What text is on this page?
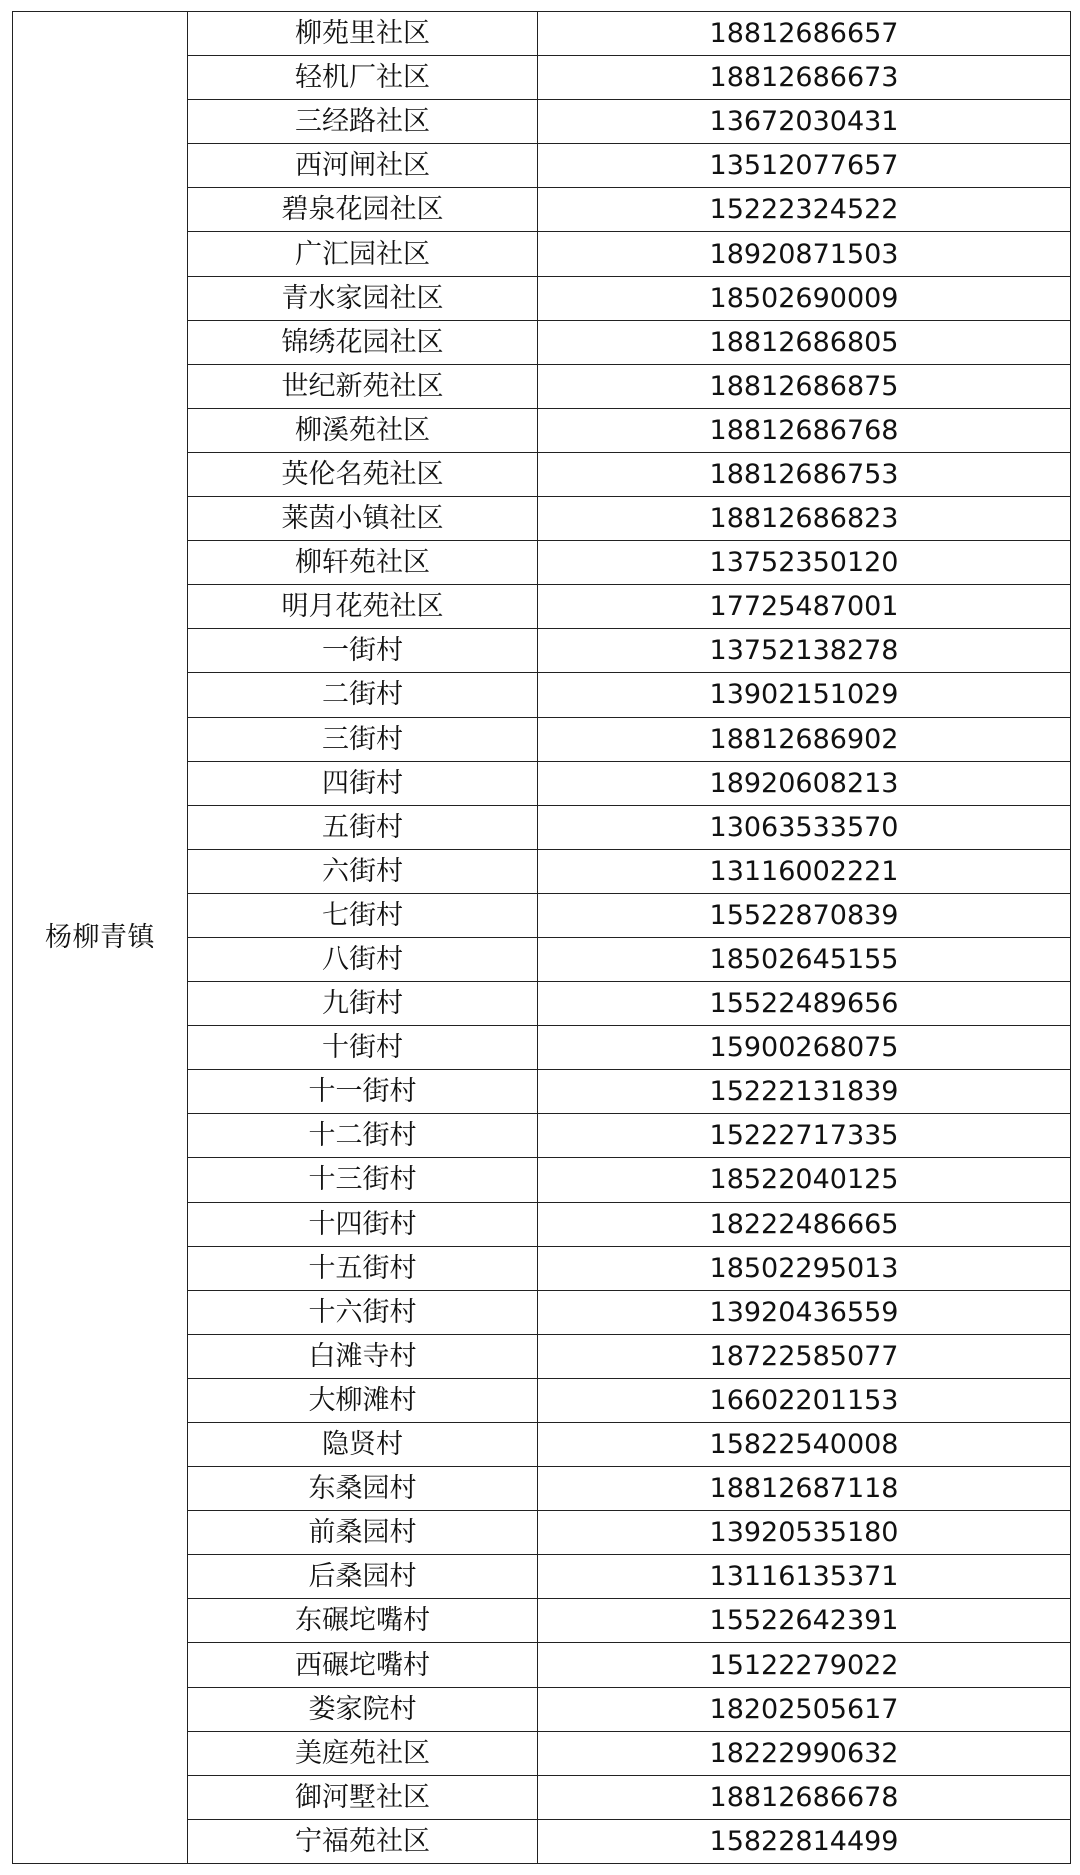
杨柳青镇	柳苑里社区	18812686657
	轻机厂社区	18812686673
	三经路社区	13672030431
	西河闸社区	13512077657
	碧泉花园社区	15222324522
	广汇园社区	18920871503
	青水家园社区	18502690009
	锦绣花园社区	18812686805
	世纪新苑社区	18812686875
	柳溪苑社区	18812686768
	英伦名苑社区	18812686753
	莱茵小镇社区	18812686823
	柳轩苑社区	13752350120
	明月花苑社区	17725487001
	一街村	13752138278
	二街村	13902151029
	三街村	18812686902
	四街村	18920608213
	五街村	13063533570
	六街村	13116002221
	七街村	15522870839
	八街村	18502645155
	九街村	15522489656
	十街村	15900268075
	十一街村	15222131839
	十二街村	15222717335
	十三街村	18522040125
	十四街村	18222486665
	十五街村	18502295013
	十六街村	13920436559
	白滩寺村	18722585077
	大柳滩村	16602201153
	隐贤村	15822540008
	东桑园村	18812687118
	前桑园村	13920535180
	后桑园村	13116135371
	东碾坨嘴村	15522642391
	西碾坨嘴村	15122279022
	娄家院村	18202505617
	美庭苑社区	18222990632
	御河墅社区	18812686678
	宁福苑社区	15822814499
